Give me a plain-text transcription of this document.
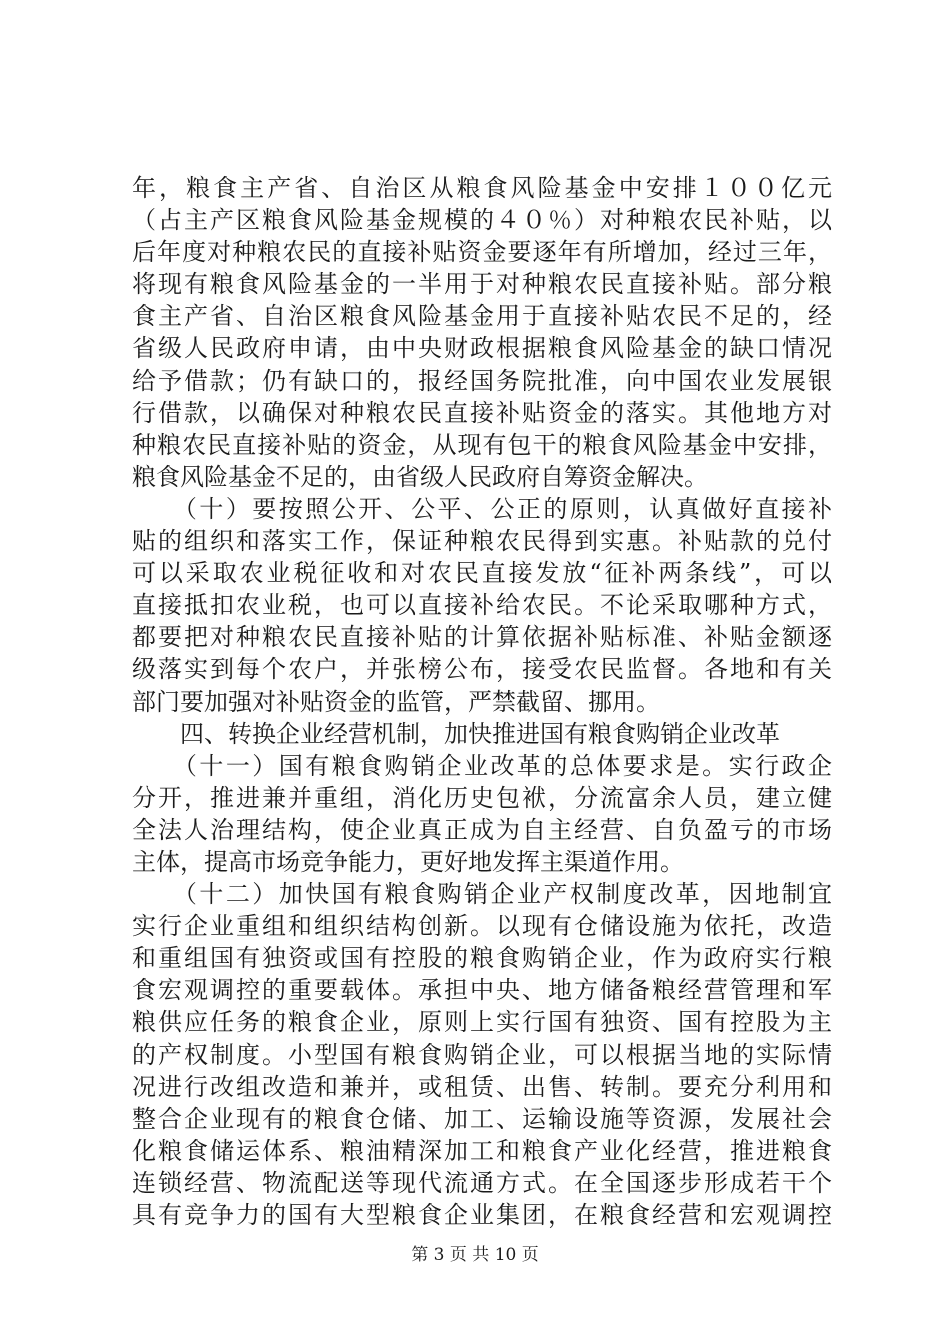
年，粮食主产省、自治区从粮食风险基金中安排１００亿元
（占主产区粮食风险基金规模的４０％）对种粮农民补贴，以
后年度对种粮农民的直接补贴资金要逐年有所增加，经过三年，
将现有粮食风险基金的一半用于对种粮农民直接补贴。部分粮
食主产省、自治区粮食风险基金用于直接补贴农民不足的，经
省级人民政府申请，由中央财政根据粮食风险基金的缺口情况
给予借款；仍有缺口的，报经国务院批准，向中国农业发展银
行借款，以确保对种粮农民直接补贴资金的落实。其他地方对
种粮农民直接补贴的资金，从现有包干的粮食风险基金中安排，
粮食风险基金不足的，由省级人民政府自筹资金解决。
　　（十）要按照公开、公平、公正的原则，认真做好直接补
贴的组织和落实工作，保证种粮农民得到实惠。补贴款的兑付
可以采取农业税征收和对农民直接发放“征补两条线”，可以
直接抵扣农业税，也可以直接补给农民。不论采取哪种方式，
都要把对种粮农民直接补贴的计算依据补贴标准、补贴金额逐
级落实到每个农户，并张榜公布，接受农民监督。各地和有关
部门要加强对补贴资金的监管，严禁截留、挪用。
　　四、转换企业经营机制，加快推进国有粮食购销企业改革
　　（十一）国有粮食购销企业改革的总体要求是。实行政企
分开，推进兼并重组，消化历史包袱，分流富余人员，建立健
全法人治理结构，使企业真正成为自主经营、自负盈亏的市场
主体，提高市场竞争能力，更好地发挥主渠道作用。
　　（十二）加快国有粮食购销企业产权制度改革，因地制宜
实行企业重组和组织结构创新。以现有仓储设施为依托，改造
和重组国有独资或国有控股的粮食购销企业，作为政府实行粮
食宏观调控的重要载体。承担中央、地方储备粮经营管理和军
粮供应任务的粮食企业，原则上实行国有独资、国有控股为主
的产权制度。小型国有粮食购销企业，可以根据当地的实际情
况进行改组改造和兼并，或租赁、出售、转制。要充分利用和
整合企业现有的粮食仓储、加工、运输设施等资源，发展社会
化粮食储运体系、粮油精深加工和粮食产业化经营，推进粮食
连锁经营、物流配送等现代流通方式。在全国逐步形成若干个
具有竞争力的国有大型粮食企业集团，在粮食经营和宏观调控
第 3 页 共 10 页
